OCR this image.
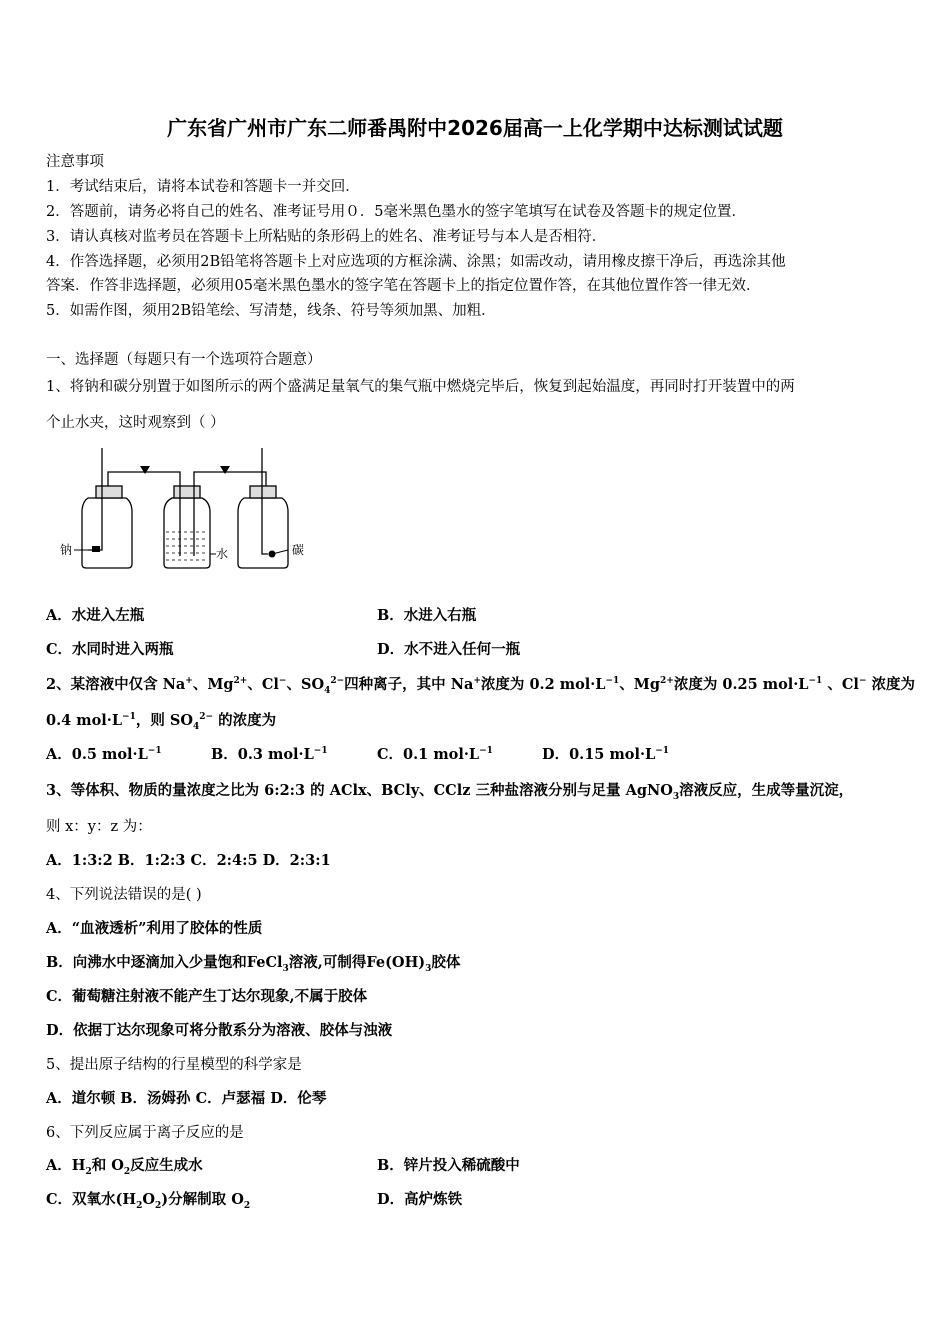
广东省广州市广东二师番禺附中2026届高一上化学期中达标测试试题
注意事项
1．考试结束后，请将本试卷和答题卡一并交回．
2．答题前，请务必将自己的姓名、准考证号用０．5毫米黑色墨水的签字笔填写在试卷及答题卡的规定位置．
3．请认真核对监考员在答题卡上所粘贴的条形码上的姓名、准考证号与本人是否相符．
4．作答选择题，必须用2B铅笔将答题卡上对应选项的方框涂满、涂黑；如需改动，请用橡皮擦干净后，再选涂其他
答案．作答非选择题，必须用05毫米黑色墨水的签字笔在答题卡上的指定位置作答，在其他位置作答一律无效．
5．如需作图，须用2B铅笔绘、写清楚，线条、符号等须加黑、加粗．
一、选择题（每题只有一个选项符合题意）
1、将钠和碳分别置于如图所示的两个盛满足量氧气的集气瓶中燃烧完毕后，恢复到起始温度，再同时打开装置中的两
个止水夹，这时观察到（ ）
钠	水	碳
A．水进入左瓶	B．水进入右瓶
C．水同时进入两瓶	D．水不进入任何一瓶
2、某溶液中仅含 Na+、$Mg^{2+}$、Cl−、$SO_4^{2-}$四种离子，其中 Na+浓度为 0.2 $mol\cdot L^{-1}$、$Mg^{2+}$浓度为 0.25 $mol\cdot L^{-1}$ 、Cl− 浓度为
0.4 $mol\cdot L^{-1}$，则 $SO_4^{2-}$ 的浓度为
A．0.5 $mol\cdot L^{-1}$	B．0.3 $mol\cdot L^{-1}$	C．0.1 $mol\cdot L^{-1}$	D．0.15 $mol\cdot L^{-1}$
3、等体积、物质的量浓度之比为 6:2:3 的 AClx、BCly、CClz 三种盐溶液分别与足量 AgNO$_3$溶液反应，生成等量沉淀，
则 x：y：z 为：
A．1:3:2 B．1:2:3 C．2:4:5 D．2:3:1
4、下列说法错误的是( )
A．“血液透析”利用了胶体的性质
B．向沸水中逐滴加入少量饱和FeCl$_3$溶液,可制得$Fe(OH)_3$胶体
C．葡萄糖注射液不能产生丁达尔现象,不属于胶体
D．依据丁达尔现象可将分散系分为溶液、胶体与浊液
5、提出原子结构的行星模型的科学家是
A．道尔顿 B．汤姆孙 C．卢瑟福 D．伦琴
6、下列反应属于离子反应的是
A．$H_2$和 $O_2$反应生成水	B．锌片投入稀硫酸中
C．双氧水$(H_2O_2)$分解制取 $O_2$	D．高炉炼铁
